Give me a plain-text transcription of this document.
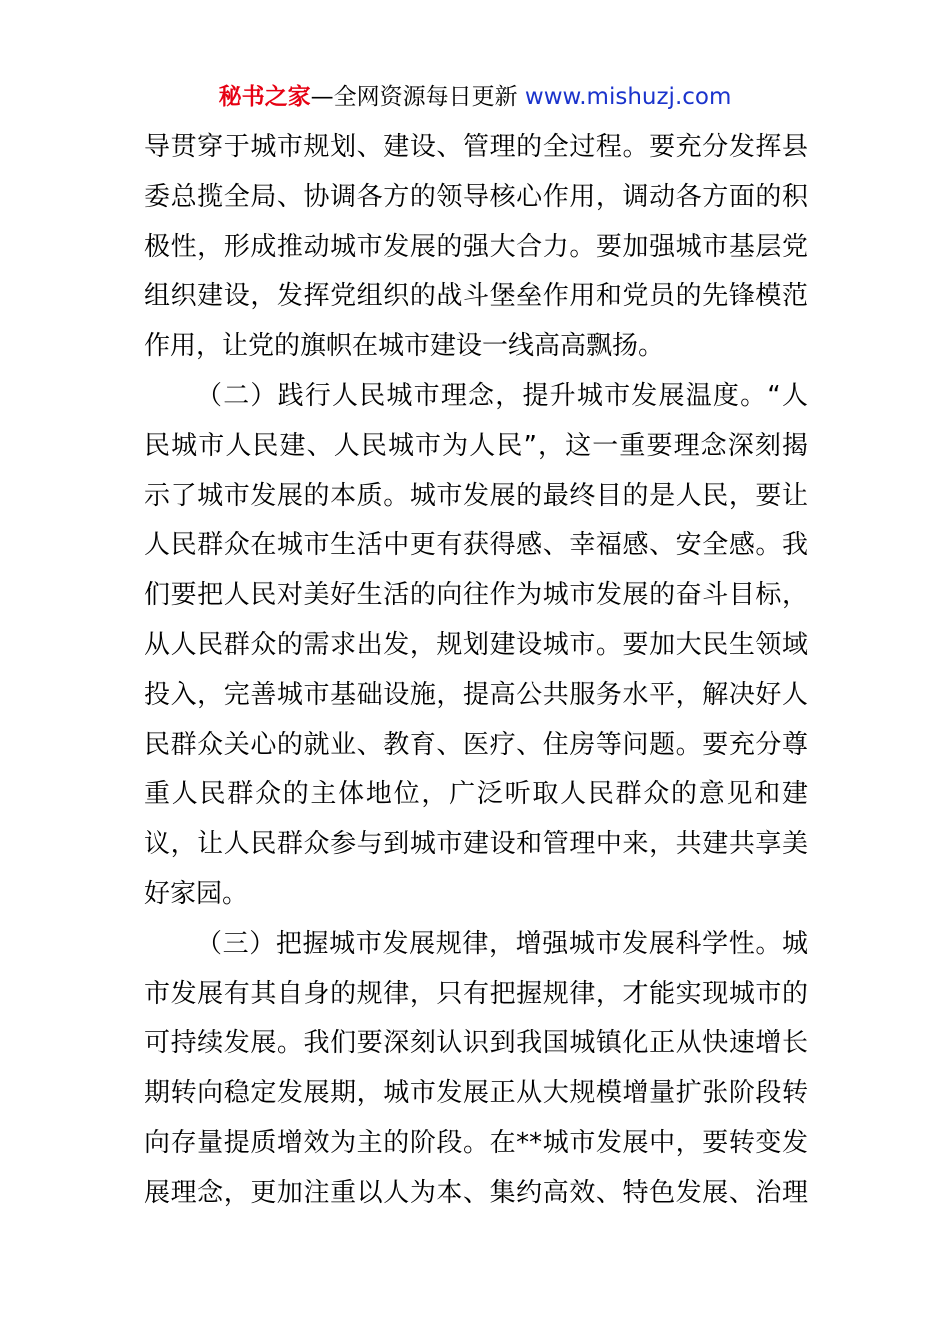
秘书之家—全网资源每日更新 www.mishuzj.com
导贯穿于城市规划、建设、管理的全过程。要充分发挥县
委总揽全局、协调各方的领导核心作用，调动各方面的积
极性，形成推动城市发展的强大合力。要加强城市基层党
组织建设，发挥党组织的战斗堡垒作用和党员的先锋模范
作用，让党的旗帜在城市建设一线高高飘扬。
（二）践行人民城市理念，提升城市发展温度。“人
民城市人民建、人民城市为人民”，这一重要理念深刻揭
示了城市发展的本质。城市发展的最终目的是人民，要让
人民群众在城市生活中更有获得感、幸福感、安全感。我
们要把人民对美好生活的向往作为城市发展的奋斗目标，
从人民群众的需求出发，规划建设城市。要加大民生领域
投入，完善城市基础设施，提高公共服务水平，解决好人
民群众关心的就业、教育、医疗、住房等问题。要充分尊
重人民群众的主体地位，广泛听取人民群众的意见和建
议，让人民群众参与到城市建设和管理中来，共建共享美
好家园。
（三）把握城市发展规律，增强城市发展科学性。城
市发展有其自身的规律，只有把握规律，才能实现城市的
可持续发展。我们要深刻认识到我国城镇化正从快速增长
期转向稳定发展期，城市发展正从大规模增量扩张阶段转
向存量提质增效为主的阶段。在**城市发展中，要转变发
展理念，更加注重以人为本、集约高效、特色发展、治理
